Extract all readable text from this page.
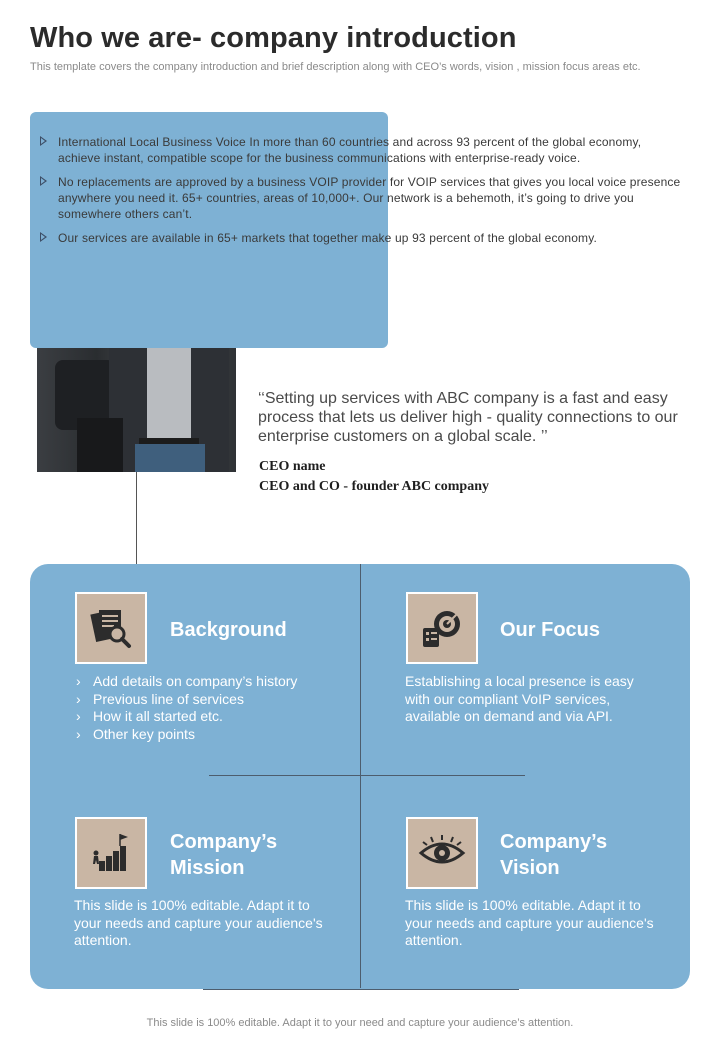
Who we are- company introduction

This template covers the company introduction and brief description along with CEO’s words, vision , mission focus areas etc.

International Local Business Voice In more than 60 countries and across 93 percent of the global economy, achieve instant, compatible scope for the business communications with enterprise-ready voice.
No replacements are approved by a business VOIP provider for VOIP services that gives you local voice presence anywhere you need it. 65+ countries, areas of 10,000+. Our network is a behemoth, it’s going to drive you somewhere others can’t.
Our services are available in 65+ markets that together make up 93 percent of the global economy.

‘‘Setting up services with ABC company is a fast and easy process that lets us deliver high - quality connections to our enterprise customers on a global scale. ’’

CEO name

CEO and CO - founder ABC company

Background
› Add details on company’s history
› Previous line of services
› How it all started etc.
› Other key points
Our Focus

Establishing a local presence is easy with our compliant VoIP services, available on demand and via API.

Company’s
Mission

This slide is 100% editable. Adapt it to your needs and capture your audience's attention.

Company’s
Vision

This slide is 100% editable. Adapt it to your needs and capture your audience's attention.

This slide is 100% editable. Adapt it to your need and capture your audience’s attention.
